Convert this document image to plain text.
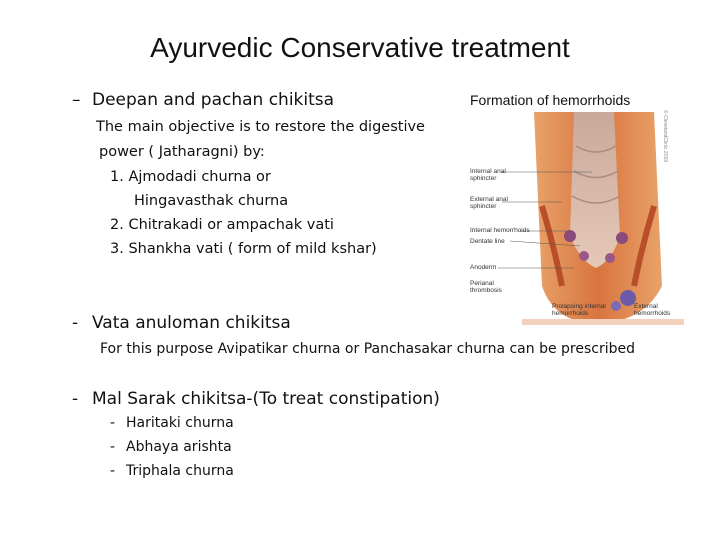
Ayurvedic Conservative treatment
– Deepan and pachan chikitsa
The main objective is to restore the digestive
power ( Jatharagni) by:
1. Ajmodadi churna or
Hingavasthak churna
2. Chitrakadi or ampachak vati
3. Shankha vati ( form of mild kshar)
- Vata anuloman chikitsa
For this purpose Avipatikar churna or Panchasakar churna can be prescribed
- Mal Sarak chikitsa-(To treat constipation)
- Haritaki churna
- Abhaya arishta
- Triphala churna
Formation of hemorrhoids
Internal anal
sphincter
External anal
sphincter
Internal hemorrhoids
Dentate line
Anoderm
Perianal
thrombosis
Prolapsing internal
hemorrhoids
External
hemorrhoids
© ClevelandClinic 2019
